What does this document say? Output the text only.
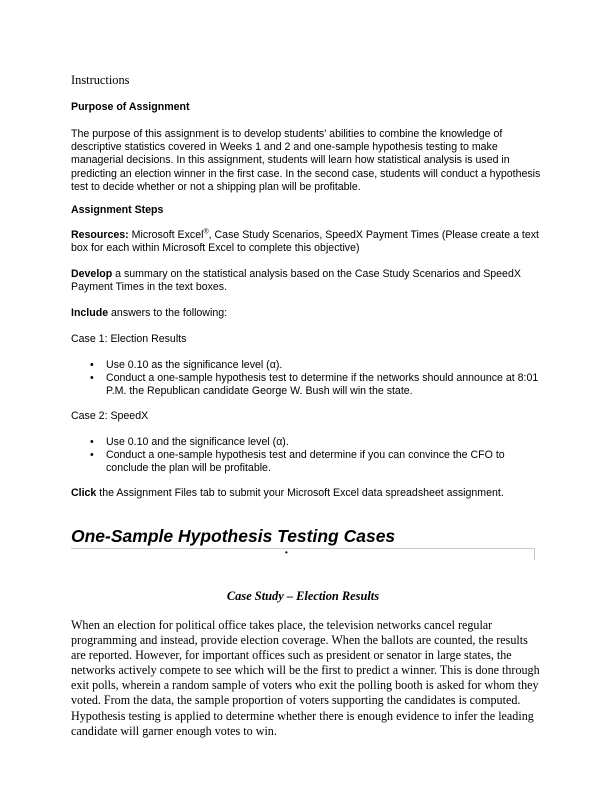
Instructions
Purpose of Assignment

The purpose of this assignment is to develop students' abilities to combine the knowledge of descriptive statistics covered in Weeks 1 and 2 and one-sample hypothesis testing to make managerial decisions. In this assignment, students will learn how statistical analysis is used in predicting an election winner in the first case. In the second case, students will conduct a hypothesis test to decide whether or not a shipping plan will be profitable.

Assignment Steps

Resources: Microsoft Excel®, Case Study Scenarios, SpeedX Payment Times (Please create a text box for each within Microsoft Excel to complete this objective)

Develop a summary on the statistical analysis based on the Case Study Scenarios and SpeedX Payment Times in the text boxes.

Include answers to the following:

Case 1: Election Results
• Use 0.10 as the significance level (α).
• Conduct a one-sample hypothesis test to determine if the networks should announce at 8:01 P.M. the Republican candidate George W. Bush will win the state.
Case 2: SpeedX
• Use 0.10 and the significance level (α).
• Conduct a one-sample hypothesis test and determine if you can convince the CFO to conclude the plan will be profitable.

Click the Assignment Files tab to submit your Microsoft Excel data spreadsheet assignment.

One-Sample Hypothesis Testing Cases
•
Case Study – Election Results

When an election for political office takes place, the television networks cancel regular programming and instead, provide election coverage. When the ballots are counted, the results are reported. However, for important offices such as president or senator in large states, the networks actively compete to see which will be the first to predict a winner. This is done through exit polls, wherein a random sample of voters who exit the polling booth is asked for whom they voted. From the data, the sample proportion of voters supporting the candidates is computed. Hypothesis testing is applied to determine whether there is enough evidence to infer the leading candidate will garner enough votes to win.
